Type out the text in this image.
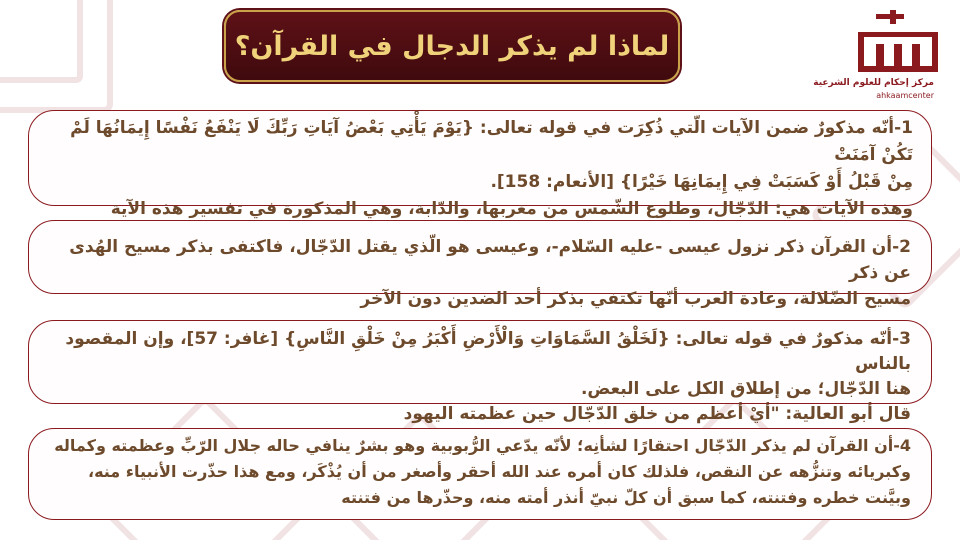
لماذا لم يذكر الدجال في القرآن؟
مركز إحكام للعلوم الشرعية
ahkaamcenter

1-أنّه مذكورٌ ضمن الآيات الّتي ذُكِرَت في قوله تعالى: {يَوْمَ يَأْتِي بَعْضُ آيَاتِ رَبِّكَ لَا يَنْفَعُ نَفْسًا إِيمَانُهَا لَمْ تَكُنْ آمَنَتْ

مِنْ قَبْلُ أَوْ كَسَبَتْ فِي إِيمَانِهَا خَيْرًا} [الأنعام: 158].

وهذه الآيات هي: الدّجّال، وطلوع الشّمس من مغربها، والدّابة، وهي المذكورة في تفسير هذه الآية

2-أن القرآن ذكر نزول عيسى -عليه السّلام-، وعيسى هو الّذي يقتل الدّجّال، فاكتفى بذكر مسيح الهُدى عن ذكر

مسيح الضّلالة، وعادة العرب أنّها تكتفي بذكر أحد الضدين دون الآخر

3-أنّه مذكورٌ في قوله تعالى: {لَخَلْقُ السَّمَاوَاتِ وَالْأَرْضِ أَكْبَرُ مِنْ خَلْقِ النَّاسِ} [غافر: 57]، وإن المقصود بالناس

هنا الدّجّال؛ من إطلاق الكل على البعض.

قال أبو العالية: "أيْ أعظم من خلق الدّجّال حين عظمته اليهود

4-أن القرآن لم يذكر الدّجّال احتقارًا لشأنِه؛ لأنّه يدّعي الرُّبوبية وهو بشرٌ ينافي حاله جلال الرّبِّ وعظمته وكماله

وكبريائه وتنزُّهه عن النقص، فلذلك كان أمره عند الله أحقر وأصغر من أن يُذْكَر، ومع هذا حذّرت الأنبياء منه،

وبيَّنت خطره وفتنته، كما سبق أن كلّ نبيّ أنذر أمته منه، وحذّرها من فتنته
